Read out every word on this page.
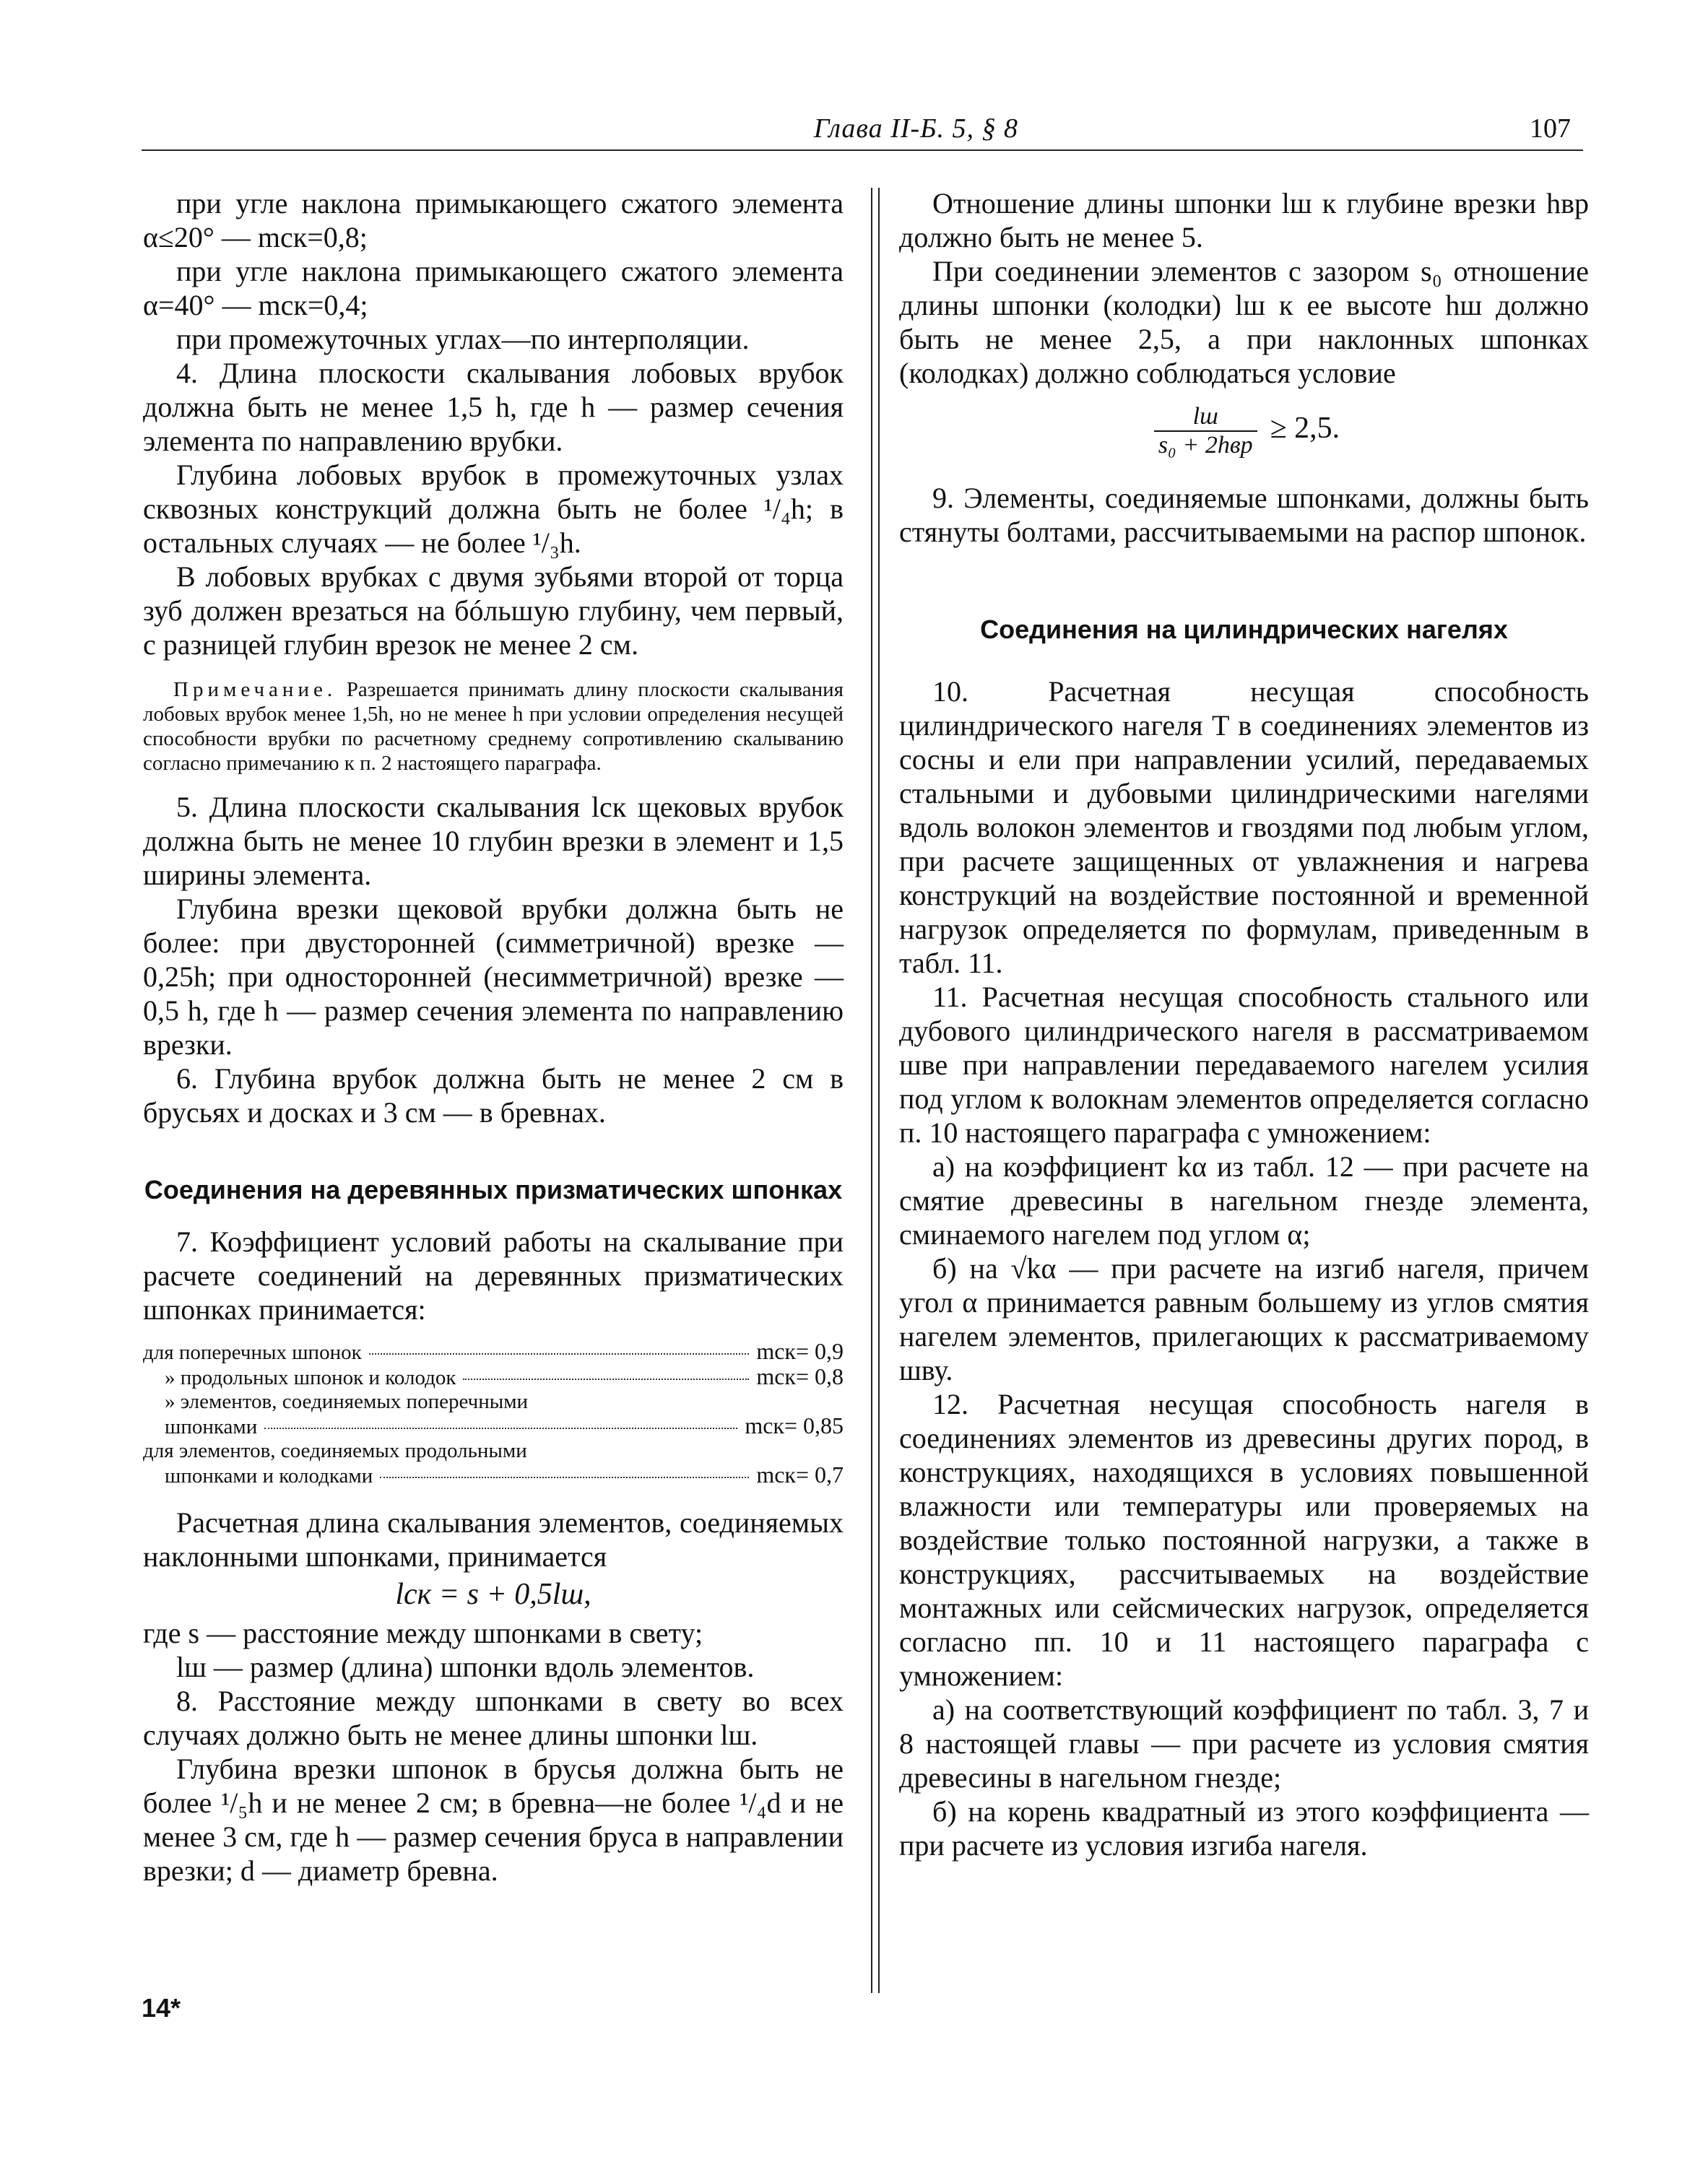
Глава II-Б. 5, § 8	107

при угле наклона примыкающего сжатого элемента α≤20° — mск=0,8;

при угле наклона примыкающего сжатого элемента α=40° — mск=0,4;

при промежуточных углах—по интерполяции.

4. Длина плоскости скалывания лобовых врубок должна быть не менее 1,5 h, где h — размер сечения элемента по направлению врубки.

Глубина лобовых врубок в промежуточных узлах сквозных конструкций должна быть не более ¹/₄h; в остальных случаях — не более ¹/₃h.

В лобовых врубках с двумя зубьями второй от торца зуб должен врезаться на бóльшую глубину, чем первый, с разницей глубин врезок не менее 2 см.

Примечание. Разрешается принимать длину плоскости скалывания лобовых врубок менее 1,5h, но не менее h при условии определения несущей способности врубки по расчетному среднему сопротивлению скалыванию согласно примечанию к п. 2 настоящего параграфа.

5. Длина плоскости скалывания lск щековых врубок должна быть не менее 10 глубин врезки в элемент и 1,5 ширины элемента.

Глубина врезки щековой врубки должна быть не более: при двусторонней (симметричной) врезке — 0,25h; при односторонней (несимметричной) врезке — 0,5 h, где h — размер сечения элемента по направлению врезки.

6. Глубина врубок должна быть не менее 2 см в брусьях и досках и 3 см — в бревнах.

Соединения на деревянных призматических шпонках

7. Коэффициент условий работы на скалывание при расчете соединений на деревянных призматических шпонках принимается:

для поперечных шпонок	mск= 0,9
» продольных шпонок и колодок	mск= 0,8
» элементов, соединяемых поперечными
шпонками	mск= 0,85
для элементов, соединяемых продольными
шпонками и колодками	mск= 0,7

Расчетная длина скалывания элементов, соединяемых наклонными шпонками, принимается

lск = s + 0,5lш,

где s — расстояние между шпонками в свету;

lш — размер (длина) шпонки вдоль элементов.

8. Расстояние между шпонками в свету во всех случаях должно быть не менее длины шпонки lш.

Глубина врезки шпонок в брусья должна быть не более ¹/₅h и не менее 2 см; в бревна—не более ¹/₄d и не менее 3 см, где h — размер сечения бруса в направлении врезки; d — диаметр бревна.

Отношение длины шпонки lш к глубине врезки hвр должно быть не менее 5.

При соединении элементов с зазором s₀ отношение длины шпонки (колодки) lш к ее высоте hш должно быть не менее 2,5, а при наклонных шпонках (колодках) должно соблюдаться условие

$\frac{lш}{\text{s₀ + 2hвр}} \ge 2,5$.

9. Элементы, соединяемые шпонками, должны быть стянуты болтами, рассчитываемыми на распор шпонок.

Соединения на цилиндрических нагелях

10. Расчетная несущая способность цилиндрического нагеля T в соединениях элементов из сосны и ели при направлении усилий, передаваемых стальными и дубовыми цилиндрическими нагелями вдоль волокон элементов и гвоздями под любым углом, при расчете защищенных от увлажнения и нагрева конструкций на воздействие постоянной и временной нагрузок определяется по формулам, приведенным в табл. 11.

11. Расчетная несущая способность стального или дубового цилиндрического нагеля в рассматриваемом шве при направлении передаваемого нагелем усилия под углом к волокнам элементов определяется согласно п. 10 настоящего параграфа с умножением:

а) на коэффициент kα из табл. 12 — при расчете на смятие древесины в нагельном гнезде элемента, сминаемого нагелем под углом α;

б) на √kα — при расчете на изгиб нагеля, причем угол α принимается равным большему из углов смятия нагелем элементов, прилегающих к рассматриваемому шву.

12. Расчетная несущая способность нагеля в соединениях элементов из древесины других пород, в конструкциях, находящихся в условиях повышенной влажности или температуры или проверяемых на воздействие только постоянной нагрузки, а также в конструкциях, рассчитываемых на воздействие монтажных или сейсмических нагрузок, определяется согласно пп. 10 и 11 настоящего параграфа с умножением:

а) на соответствующий коэффициент по табл. 3, 7 и 8 настоящей главы — при расчете из условия смятия древесины в нагельном гнезде;

б) на корень квадратный из этого коэффициента — при расчете из условия изгиба нагеля.

14*
